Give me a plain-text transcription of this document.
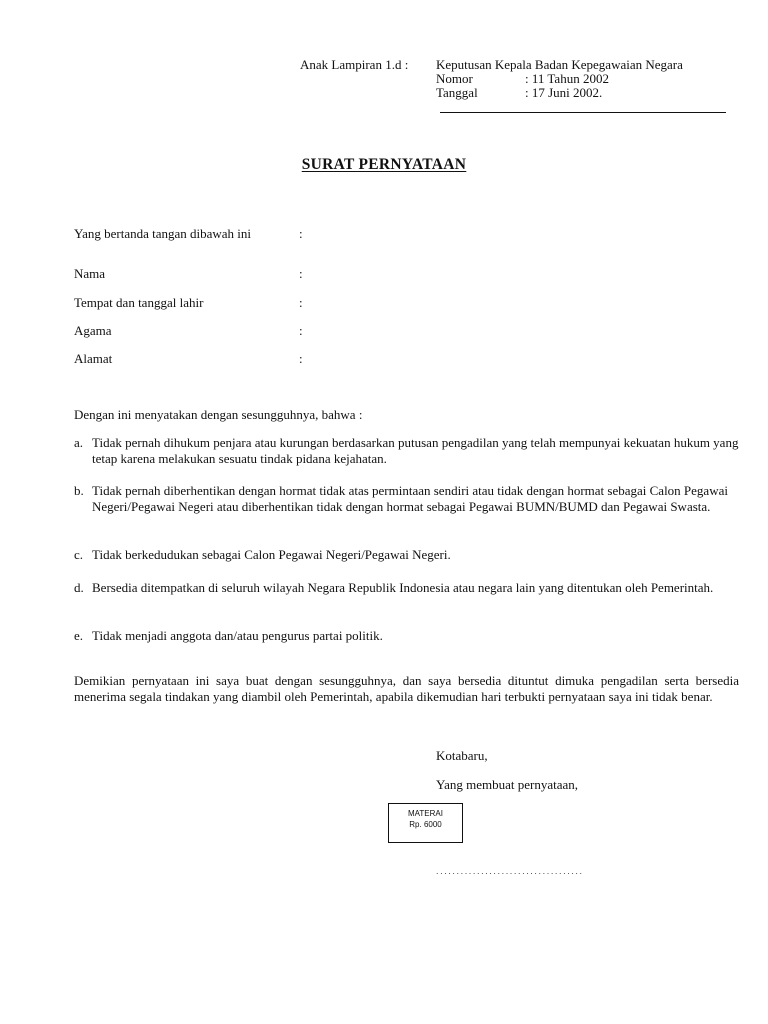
Anak Lampiran 1.d : Keputusan Kepala Badan Kepegawaian Negara
Nomor	: 11 Tahun 2002
Tanggal	: 17 Juni 2002.
SURAT PERNYATAAN
Yang bertanda tangan dibawah ini	:
Nama	:
Tempat dan tanggal lahir	:
Agama	:
Alamat	:
Dengan ini menyatakan dengan sesungguhnya, bahwa :
a. Tidak pernah dihukum penjara atau kurungan berdasarkan putusan pengadilan yang telah mempunyai kekuatan hukum yang tetap karena melakukan sesuatu tindak pidana kejahatan.
b. Tidak pernah diberhentikan dengan hormat tidak atas permintaan sendiri atau tidak dengan hormat sebagai Calon Pegawai Negeri/Pegawai Negeri atau diberhentikan tidak dengan hormat sebagai Pegawai BUMN/BUMD dan Pegawai Swasta.
c. Tidak berkedudukan sebagai Calon Pegawai Negeri/Pegawai Negeri.
d. Bersedia ditempatkan di seluruh wilayah Negara Republik Indonesia atau negara lain yang ditentukan oleh Pemerintah.
e. Tidak menjadi anggota dan/atau pengurus partai politik.
Demikian pernyataan ini saya buat dengan sesungguhnya, dan saya bersedia dituntut dimuka pengadilan serta bersedia menerima segala tindakan yang diambil oleh Pemerintah, apabila dikemudian hari terbukti pernyataan saya ini tidak benar.
Kotabaru,
Yang membuat pernyataan,
MATERAI
Rp. 6000
....................................
